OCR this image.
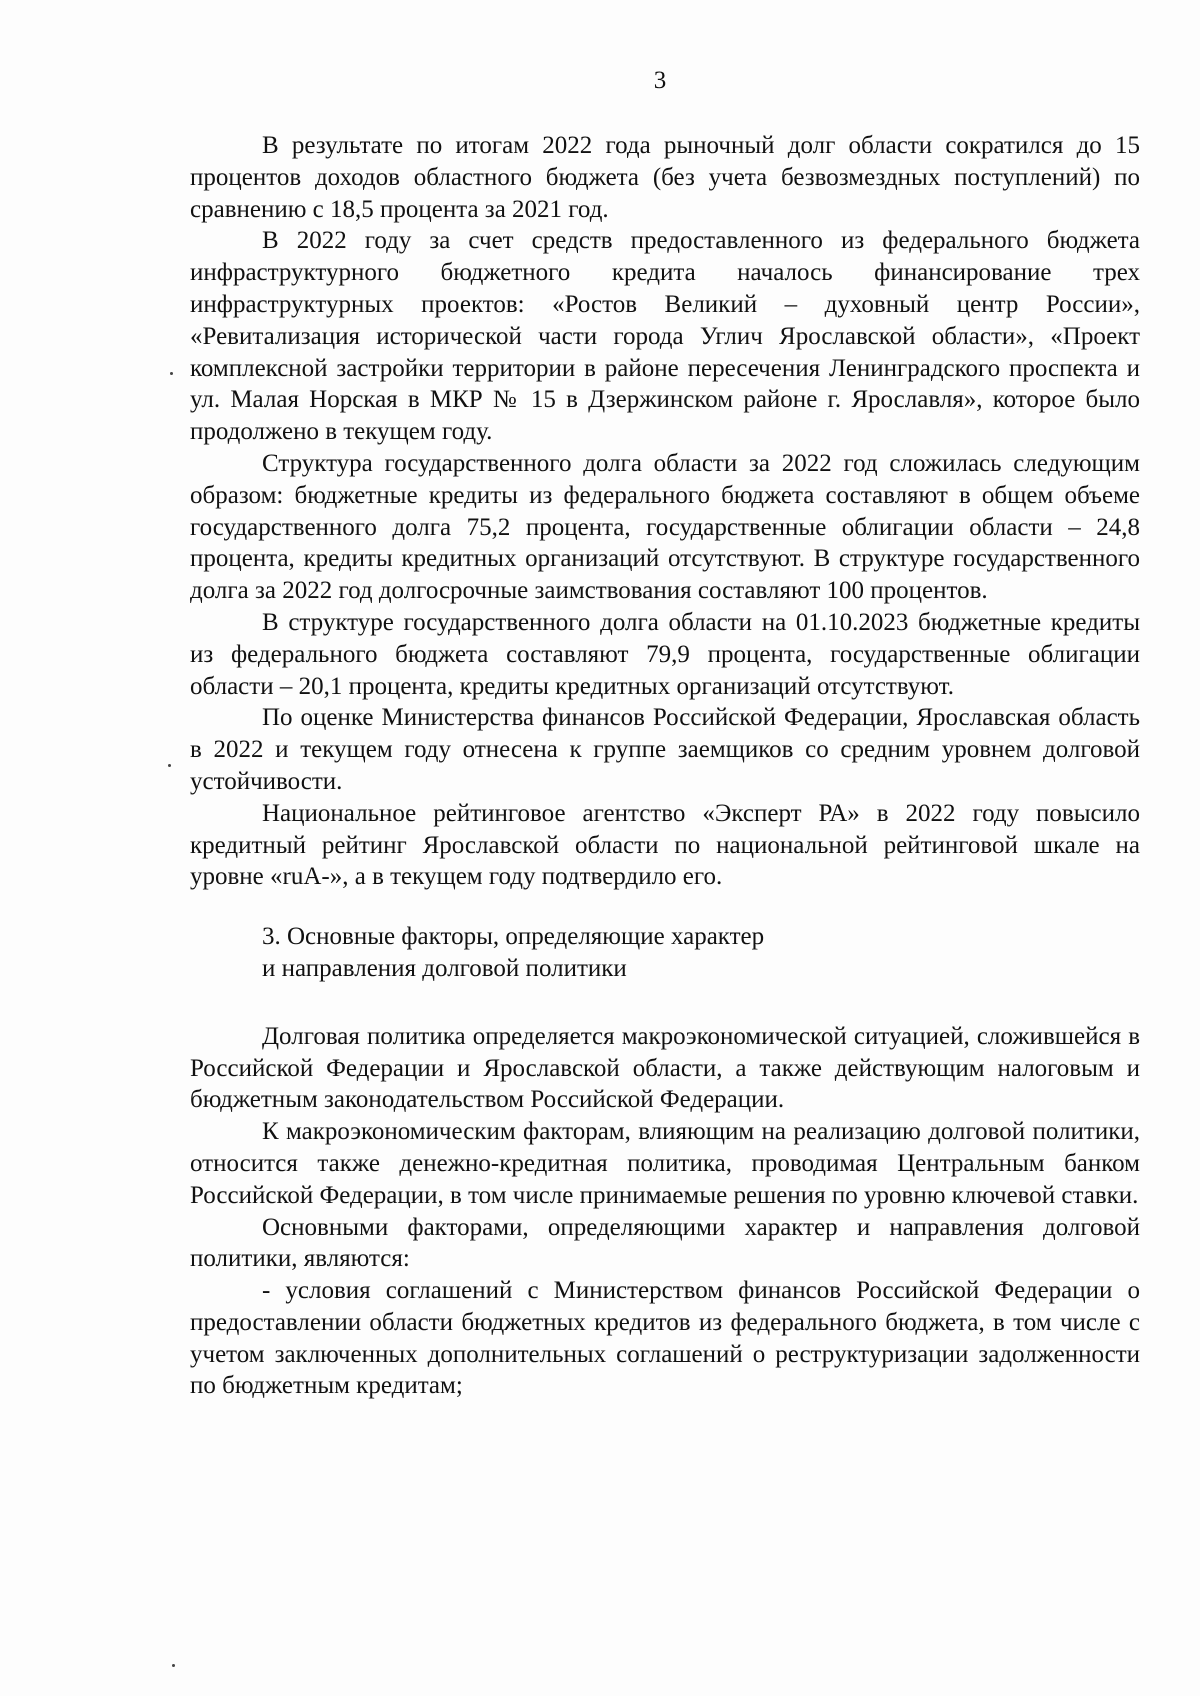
3

В результате по итогам 2022 года рыночный долг области сократился до 15 процентов доходов областного бюджета (без учета безвозмездных поступлений) по сравнению с 18,5 процента за 2021 год.

В 2022 году за счет средств предоставленного из федерального бюджета инфраструктурного бюджетного кредита началось финансирование трех инфраструктурных проектов: «Ростов Великий – духовный центр России», «Ревитализация исторической части города Углич Ярославской области», «Проект комплексной застройки территории в районе пересечения Ленинградского проспекта и ул. Малая Норская в МКР № 15 в Дзержинском районе г. Ярославля», которое было продолжено в текущем году.

Структура государственного долга области за 2022 год сложилась следующим образом: бюджетные кредиты из федерального бюджета составляют в общем объеме государственного долга 75,2 процента, государственные облигации области – 24,8 процента, кредиты кредитных организаций отсутствуют. В структуре государственного долга за 2022 год долгосрочные заимствования составляют 100 процентов.

В структуре государственного долга области на 01.10.2023 бюджетные кредиты из федерального бюджета составляют 79,9 процента, государственные облигации области – 20,1 процента, кредиты кредитных организаций отсутствуют.

По оценке Министерства финансов Российской Федерации, Ярославская область в 2022 и текущем году отнесена к группе заемщиков со средним уровнем долговой устойчивости.

Национальное рейтинговое агентство «Эксперт РА» в 2022 году повысило кредитный рейтинг Ярославской области по национальной рейтинговой шкале на уровне «ruA-», а в текущем году подтвердило его.

3. Основные факторы, определяющие характер
и направления долговой политики

Долговая политика определяется макроэкономической ситуацией, сложившейся в Российской Федерации и Ярославской области, а также действующим налоговым и бюджетным законодательством Российской Федерации.

К макроэкономическим факторам, влияющим на реализацию долговой политики, относится также денежно-кредитная политика, проводимая Центральным банком Российской Федерации, в том числе принимаемые решения по уровню ключевой ставки.

Основными факторами, определяющими характер и направления долговой политики, являются:

- условия соглашений с Министерством финансов Российской Федерации о предоставлении области бюджетных кредитов из федерального бюджета, в том числе с учетом заключенных дополнительных соглашений о реструктуризации задолженности по бюджетным кредитам;
